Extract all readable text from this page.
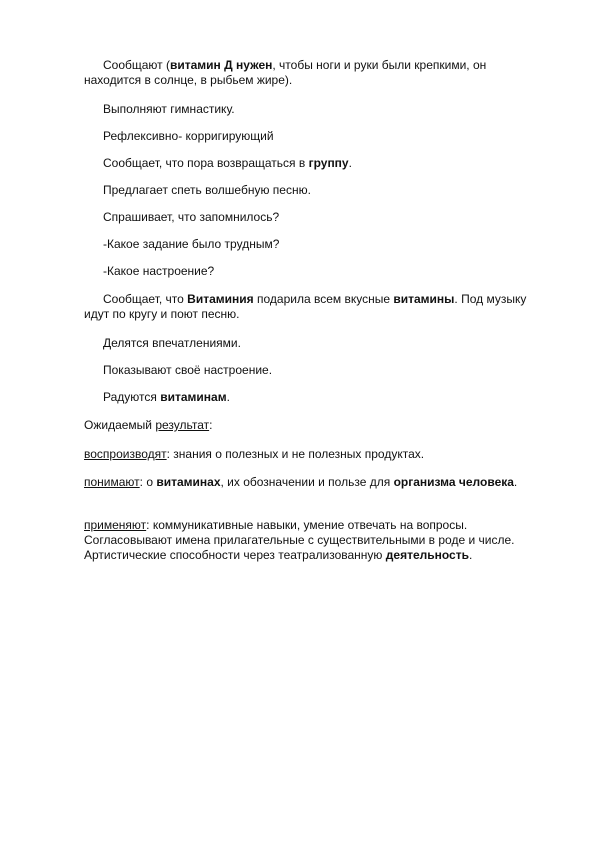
Сообщают (витамин Д нужен, чтобы ноги и руки были крепкими, он находится в солнце, в рыбьем жире).

Выполняют гимнастику.

Рефлексивно- корригирующий

Сообщает, что пора возвращаться в группу.

Предлагает спеть волшебную песню.

Спрашивает, что запомнилось?

-Какое задание было трудным?

-Какое настроение?

Сообщает, что Витаминия подарила всем вкусные витамины. Под музыку идут по кругу и поют песню.

Делятся впечатлениями.

Показывают своё настроение.

Радуются витаминам.

Ожидаемый результат:

воспроизводят: знания о полезных и не полезных продуктах.

понимают: о витаминах, их обозначении и пользе для организма человека.

применяют: коммуникативные навыки, умение отвечать на вопросы. Согласовывают имена прилагательные с существительными в роде и числе. Артистические способности через театрализованную деятельность.
